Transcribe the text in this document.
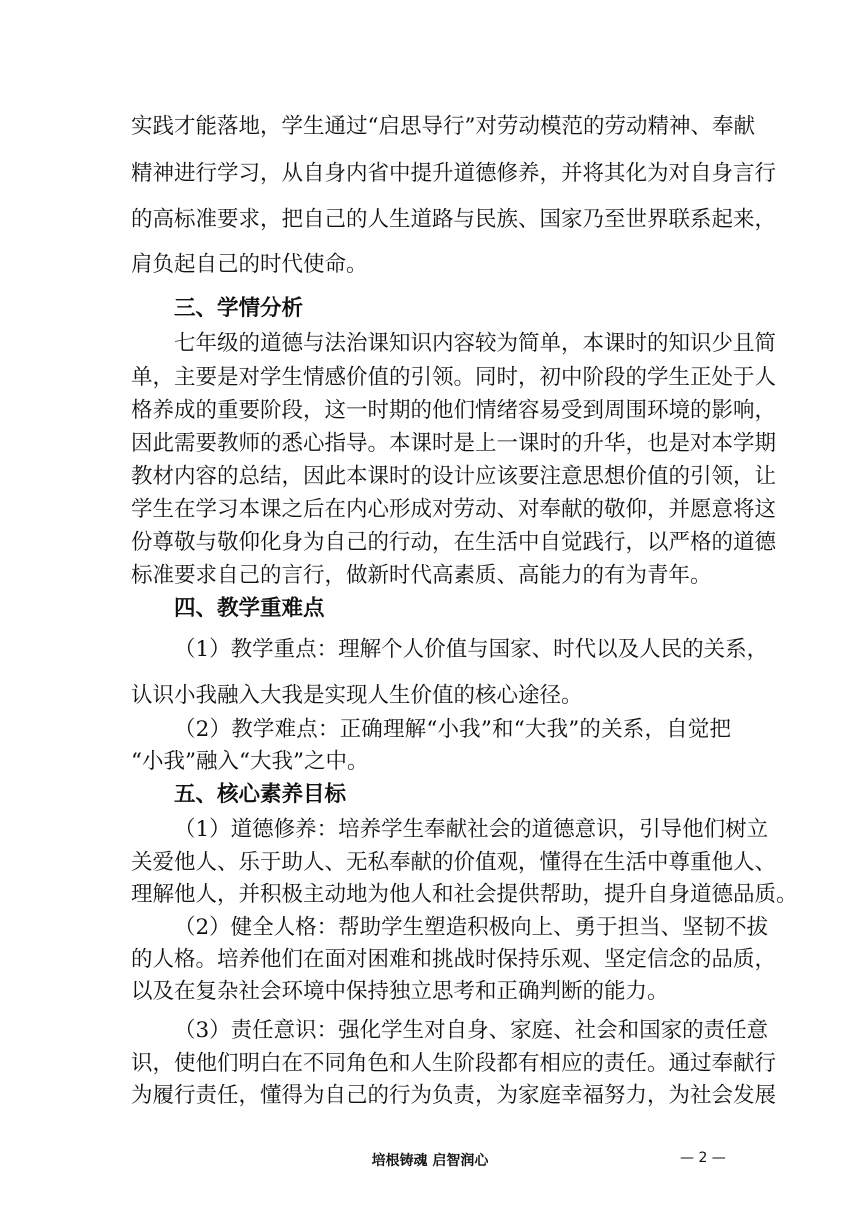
实践才能落地，学生通过“启思导行”对劳动模范的劳动精神、奉献
精神进行学习，从自身内省中提升道德修养，并将其化为对自身言行
的高标准要求，把自己的人生道路与民族、国家乃至世界联系起来，
肩负起自己的时代使命。
三、学情分析
七年级的道德与法治课知识内容较为简单，本课时的知识少且简
单，主要是对学生情感价值的引领。同时，初中阶段的学生正处于人
格养成的重要阶段，这一时期的他们情绪容易受到周围环境的影响，
因此需要教师的悉心指导。本课时是上一课时的升华，也是对本学期
教材内容的总结，因此本课时的设计应该要注意思想价值的引领，让
学生在学习本课之后在内心形成对劳动、对奉献的敬仰，并愿意将这
份尊敬与敬仰化身为自己的行动，在生活中自觉践行，以严格的道德
标准要求自己的言行，做新时代高素质、高能力的有为青年。
四、教学重难点
（1）教学重点：理解个人价值与国家、时代以及人民的关系，
认识小我融入大我是实现人生价值的核心途径。
（2）教学难点：正确理解“小我”和“大我”的关系，自觉把
“小我”融入“大我”之中。
五、核心素养目标
（1）道德修养：培养学生奉献社会的道德意识，引导他们树立
关爱他人、乐于助人、无私奉献的价值观，懂得在生活中尊重他人、
理解他人，并积极主动地为他人和社会提供帮助，提升自身道德品质。
（2）健全人格：帮助学生塑造积极向上、勇于担当、坚韧不拔
的人格。培养他们在面对困难和挑战时保持乐观、坚定信念的品质，
以及在复杂社会环境中保持独立思考和正确判断的能力。
（3）责任意识：强化学生对自身、家庭、社会和国家的责任意
识，使他们明白在不同角色和人生阶段都有相应的责任。通过奉献行
为履行责任，懂得为自己的行为负责，为家庭幸福努力，为社会发展
培根铸魂 启智润心	— 2 —
